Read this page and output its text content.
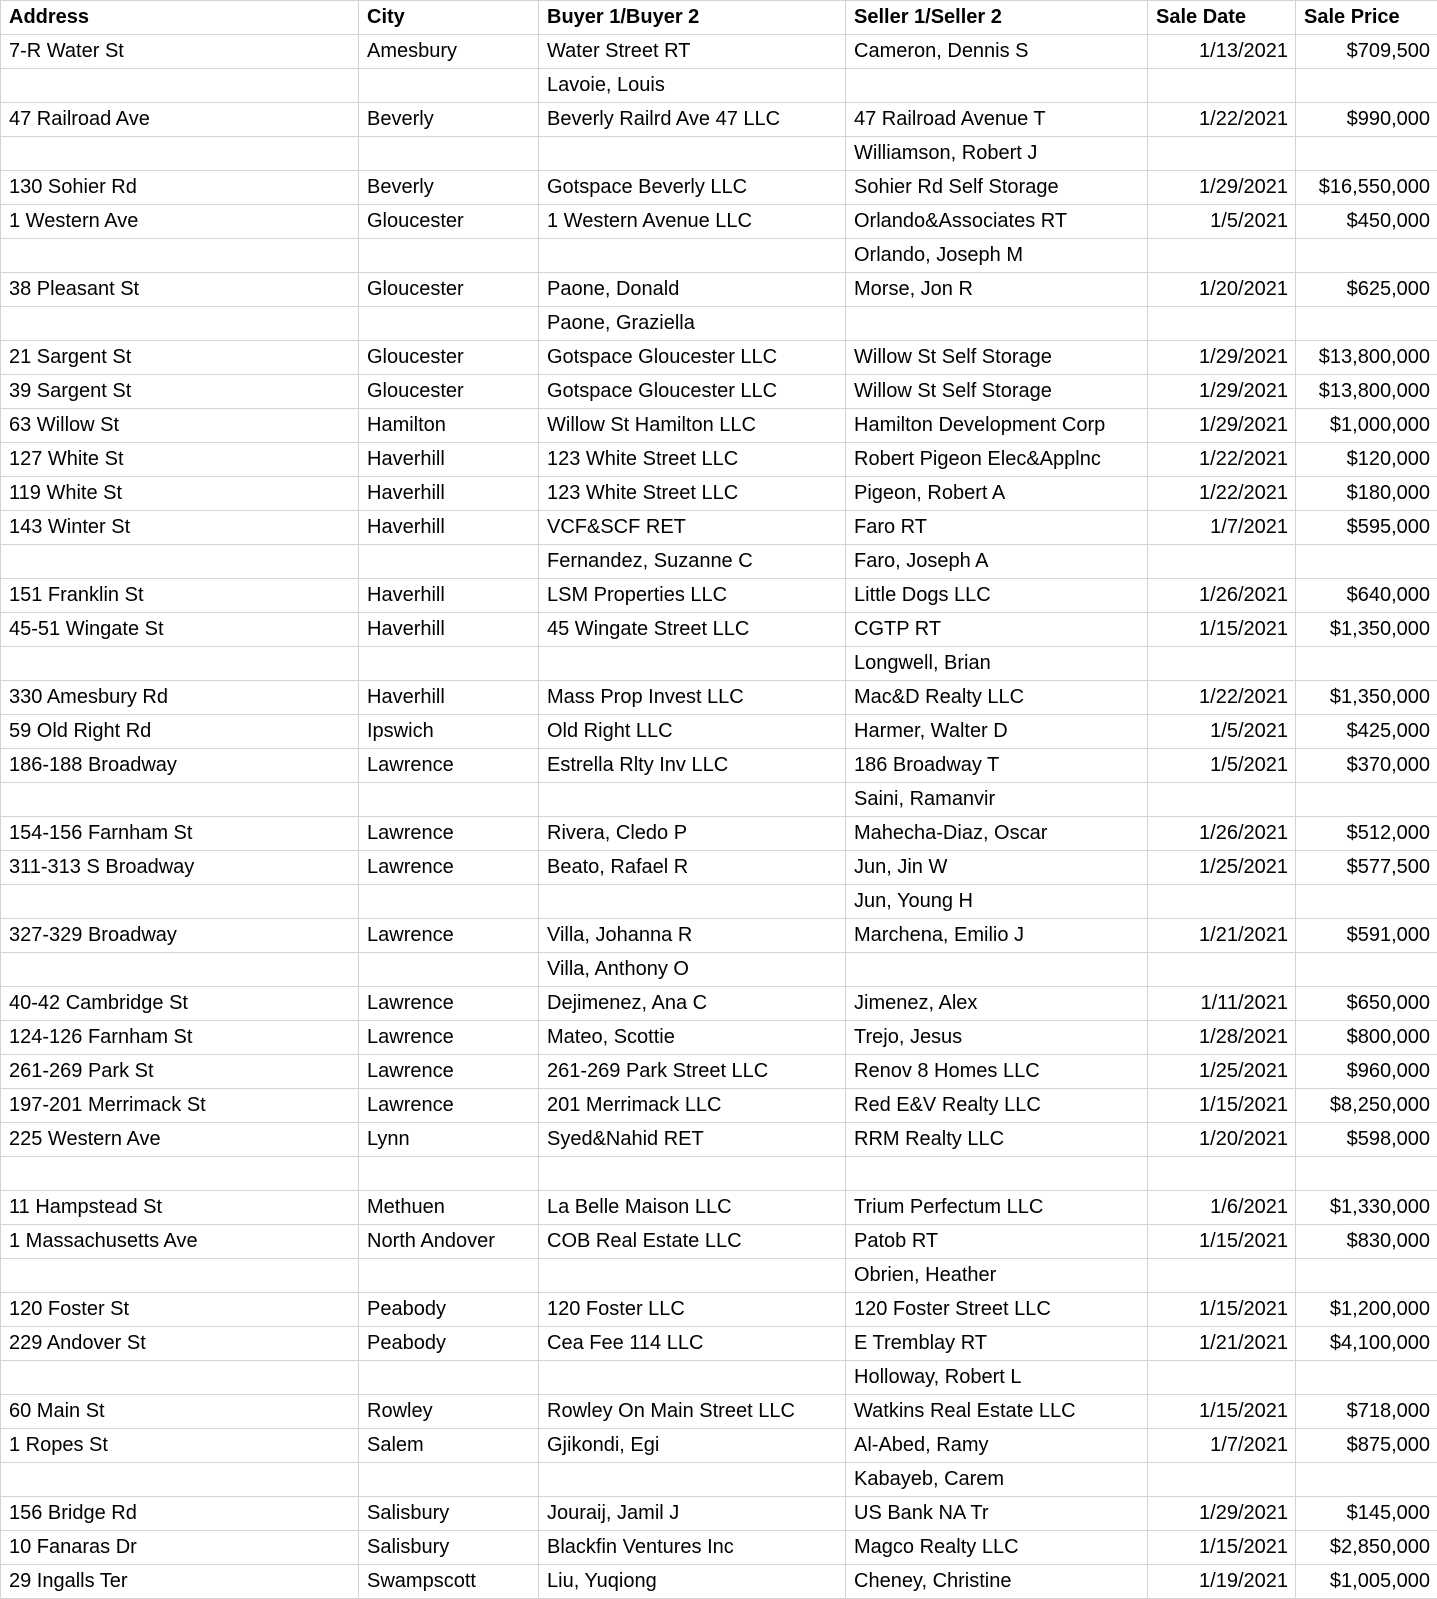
Address	City	Buyer 1/Buyer 2	Seller 1/Seller 2	Sale Date	Sale Price
7-R Water St	Amesbury	Water Street RT	Cameron, Dennis S	1/13/2021	$709,500
		Lavoie, Louis			
47 Railroad Ave	Beverly	Beverly Railrd Ave 47 LLC	47 Railroad Avenue T	1/22/2021	$990,000
			Williamson, Robert J		
130 Sohier Rd	Beverly	Gotspace Beverly LLC	Sohier Rd Self Storage	1/29/2021	$16,550,000
1 Western Ave	Gloucester	1 Western Avenue LLC	Orlando&Associates RT	1/5/2021	$450,000
			Orlando, Joseph M		
38 Pleasant St	Gloucester	Paone, Donald	Morse, Jon R	1/20/2021	$625,000
		Paone, Graziella			
21 Sargent St	Gloucester	Gotspace Gloucester LLC	Willow St Self Storage	1/29/2021	$13,800,000
39 Sargent St	Gloucester	Gotspace Gloucester LLC	Willow St Self Storage	1/29/2021	$13,800,000
63 Willow St	Hamilton	Willow St Hamilton LLC	Hamilton Development Corp	1/29/2021	$1,000,000
127 White St	Haverhill	123 White Street LLC	Robert Pigeon Elec&Applnc	1/22/2021	$120,000
119 White St	Haverhill	123 White Street LLC	Pigeon, Robert A	1/22/2021	$180,000
143 Winter St	Haverhill	VCF&SCF RET	Faro RT	1/7/2021	$595,000
		Fernandez, Suzanne C	Faro, Joseph A		
151 Franklin St	Haverhill	LSM Properties LLC	Little Dogs LLC	1/26/2021	$640,000
45-51 Wingate St	Haverhill	45 Wingate Street LLC	CGTP RT	1/15/2021	$1,350,000
			Longwell, Brian		
330 Amesbury Rd	Haverhill	Mass Prop Invest LLC	Mac&D Realty LLC	1/22/2021	$1,350,000
59 Old Right Rd	Ipswich	Old Right LLC	Harmer, Walter D	1/5/2021	$425,000
186-188 Broadway	Lawrence	Estrella Rlty Inv LLC	186 Broadway T	1/5/2021	$370,000
			Saini, Ramanvir		
154-156 Farnham St	Lawrence	Rivera, Cledo P	Mahecha-Diaz, Oscar	1/26/2021	$512,000
311-313 S Broadway	Lawrence	Beato, Rafael R	Jun, Jin W	1/25/2021	$577,500
			Jun, Young H		
327-329 Broadway	Lawrence	Villa, Johanna R	Marchena, Emilio J	1/21/2021	$591,000
		Villa, Anthony O			
40-42 Cambridge St	Lawrence	Dejimenez, Ana C	Jimenez, Alex	1/11/2021	$650,000
124-126 Farnham St	Lawrence	Mateo, Scottie	Trejo, Jesus	1/28/2021	$800,000
261-269 Park St	Lawrence	261-269 Park Street LLC	Renov 8 Homes LLC	1/25/2021	$960,000
197-201 Merrimack St	Lawrence	201 Merrimack LLC	Red E&V Realty LLC	1/15/2021	$8,250,000
225 Western Ave	Lynn	Syed&Nahid RET	RRM Realty LLC	1/20/2021	$598,000

11 Hampstead St	Methuen	La Belle Maison LLC	Trium Perfectum LLC	1/6/2021	$1,330,000
1 Massachusetts Ave	North Andover	COB Real Estate LLC	Patob RT	1/15/2021	$830,000
			Obrien, Heather		
120 Foster St	Peabody	120 Foster LLC	120 Foster Street LLC	1/15/2021	$1,200,000
229 Andover St	Peabody	Cea Fee 114 LLC	E Tremblay RT	1/21/2021	$4,100,000
			Holloway, Robert L		
60 Main St	Rowley	Rowley On Main Street LLC	Watkins Real Estate LLC	1/15/2021	$718,000
1 Ropes St	Salem	Gjikondi, Egi	Al-Abed, Ramy	1/7/2021	$875,000
			Kabayeb, Carem		
156 Bridge Rd	Salisbury	Jouraij, Jamil J	US Bank NA Tr	1/29/2021	$145,000
10 Fanaras Dr	Salisbury	Blackfin Ventures Inc	Magco Realty LLC	1/15/2021	$2,850,000
29 Ingalls Ter	Swampscott	Liu, Yuqiong	Cheney, Christine	1/19/2021	$1,005,000
